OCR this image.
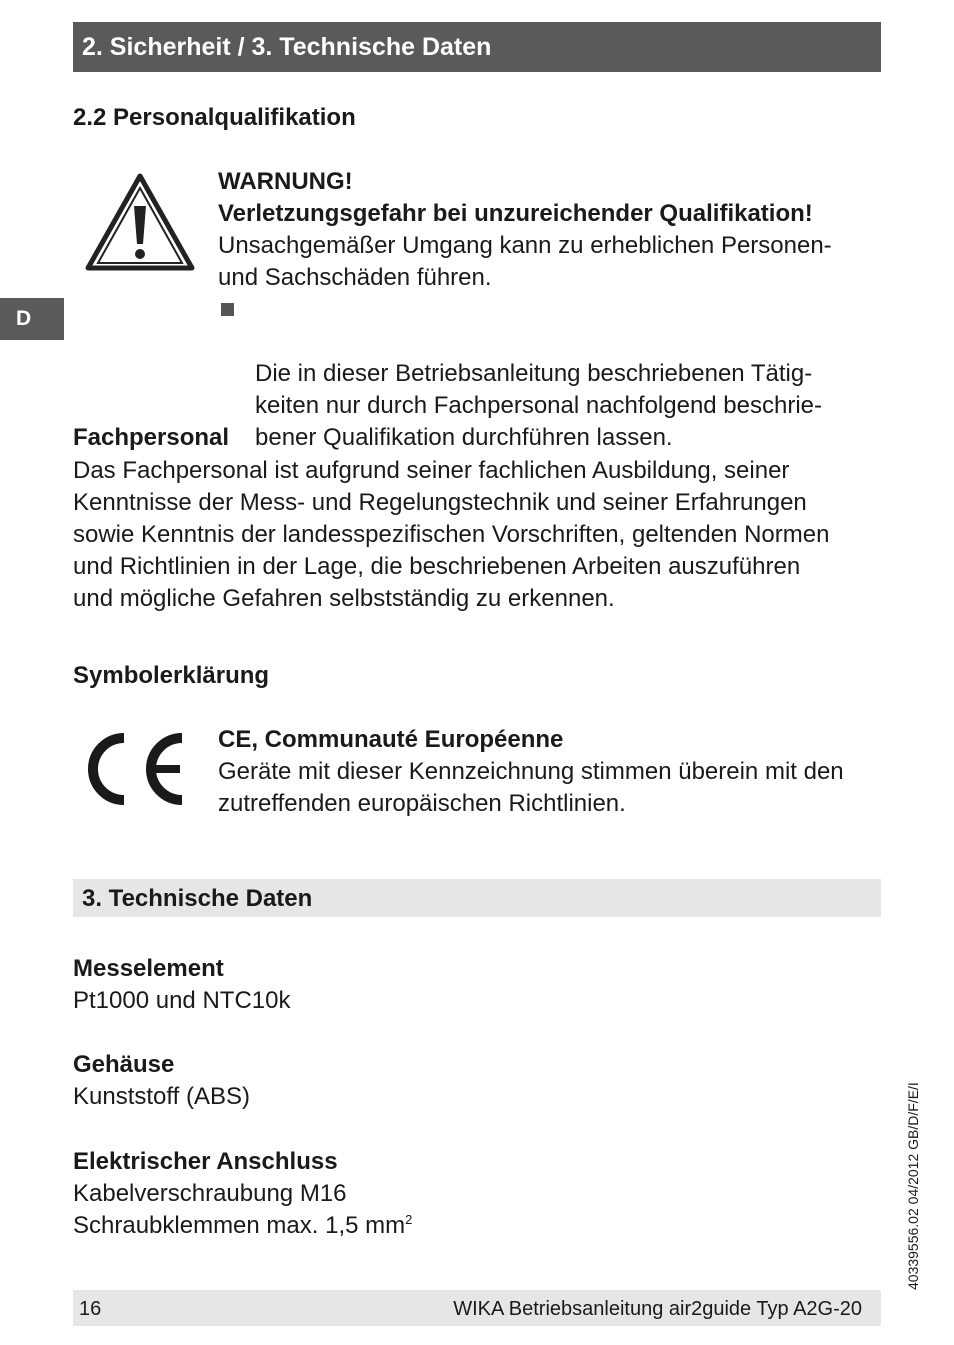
2. Sicherheit / 3. Technische Daten
D
2.2 Personalqualifikation
WARNUNG!
Verletzungsgefahr bei unzureichender Qualifikation!
Unsachgemäßer Umgang kann zu erheblichen Personen-
und Sachschäden führen.

Die in dieser Betriebsanleitung beschriebenen Tätig-
keiten nur durch Fachpersonal nachfolgend beschrie-
bener Qualifikation durchführen lassen.

Fachpersonal
Das Fachpersonal ist aufgrund seiner fachlichen Ausbildung, seiner
Kenntnisse der Mess- und Regelungstechnik und seiner Erfahrungen
sowie Kenntnis der landesspezifischen Vorschriften, geltenden Normen
und Richtlinien in der Lage, die beschriebenen Arbeiten auszuführen
und mögliche Gefahren selbstständig zu erkennen.
Symbolerklärung
CE, Communauté Européenne
Geräte mit dieser Kennzeichnung stimmen überein mit den
zutreffenden europäischen Richtlinien.
3. Technische Daten
Messelement
Pt1000 und NTC10k
Gehäuse
Kunststoff (ABS)
Elektrischer Anschluss
Kabelverschraubung M16
Schraubklemmen max. 1,5 $mm^2$	40339556.02 04/2012 GB/D/F/E/I
16	WIKA Betriebsanleitung air2guide Typ A2G-20
